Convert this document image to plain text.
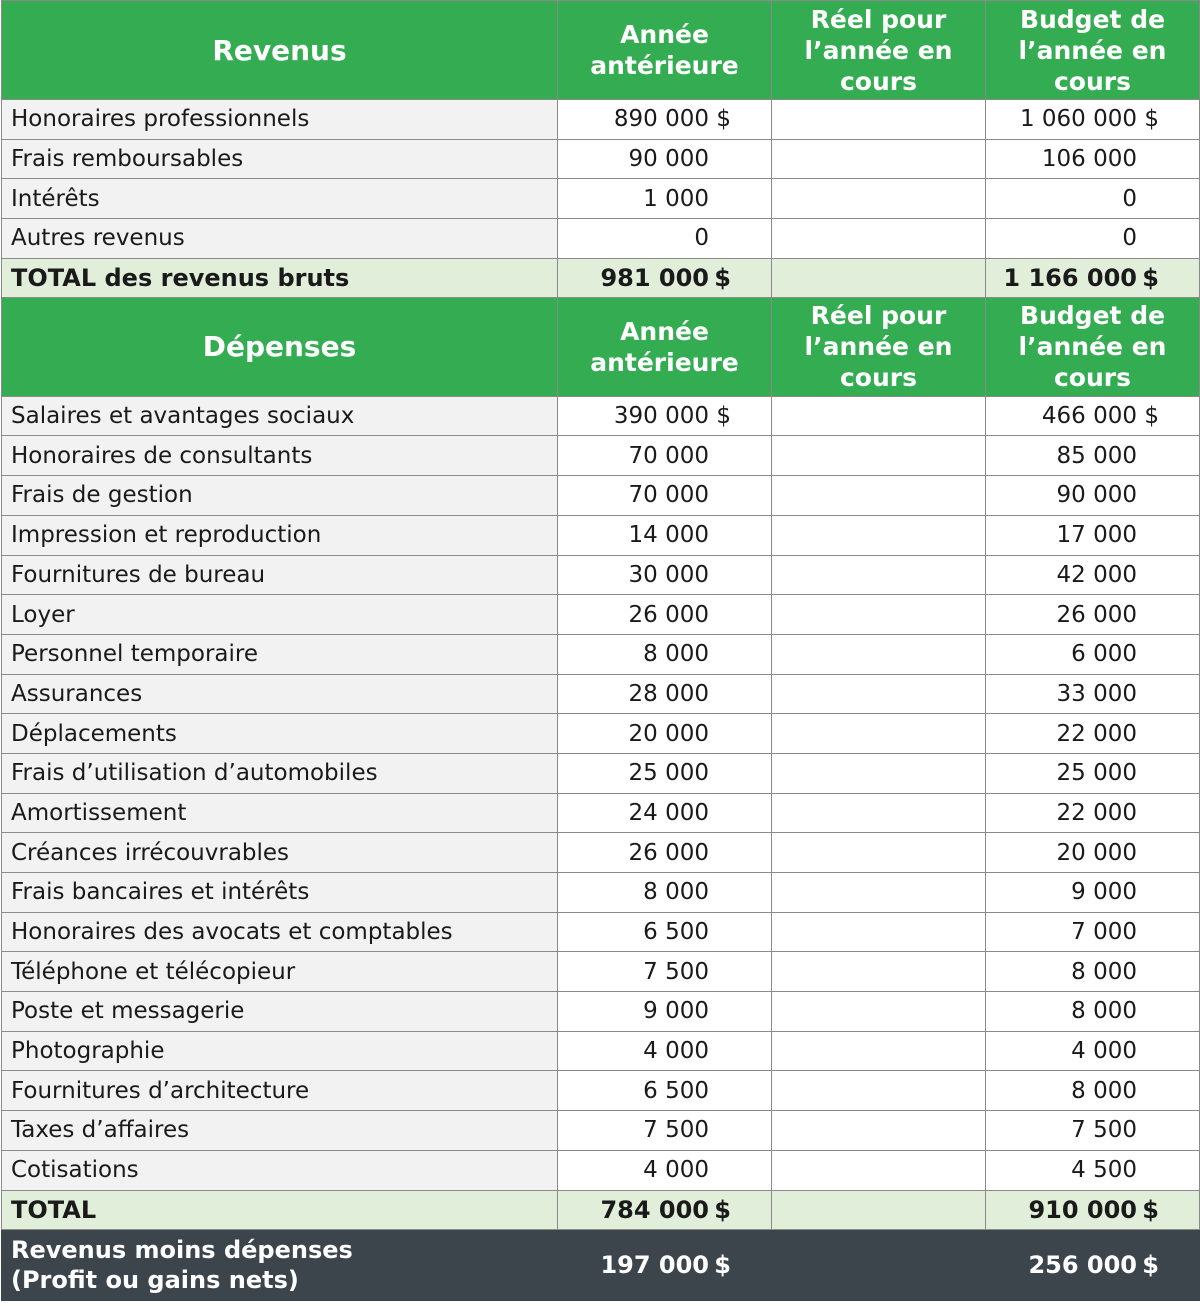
Revenus	Année antérieure	Réel pour l’année en cours	Budget de l’année en cours
Honoraires professionnels	890 000 $		1 060 000 $

Frais remboursables	90 000		106 000

Intérêts	1 000		0

Autres revenus	0		0

TOTAL des revenus bruts	981 000 $		1 166 000 $

Dépenses	Année antérieure	Réel pour l’année en cours	Budget de l’année en cours
Salaires et avantages sociaux	390 000 $		466 000 $

Honoraires de consultants	70 000		85 000

Frais de gestion	70 000		90 000

Impression et reproduction	14 000		17 000

Fournitures de bureau	30 000		42 000

Loyer	26 000		26 000

Personnel temporaire	8 000		6 000

Assurances	28 000		33 000

Déplacements	20 000		22 000

Frais d’utilisation d’automobiles	25 000		25 000

Amortissement	24 000		22 000

Créances irrécouvrables	26 000		20 000

Frais bancaires et intérêts	8 000		9 000

Honoraires des avocats et comptables	6 500		7 000

Téléphone et télécopieur	7 500		8 000

Poste et messagerie	9 000		8 000

Photographie	4 000		4 000

Fournitures d’architecture	6 500		8 000

Taxes d’affaires	7 500		7 500

Cotisations	4 000		4 500

TOTAL	784 000 $		910 000 $

Revenus moins dépenses
(Profit ou gains nets)	197 000 $		256 000 $
